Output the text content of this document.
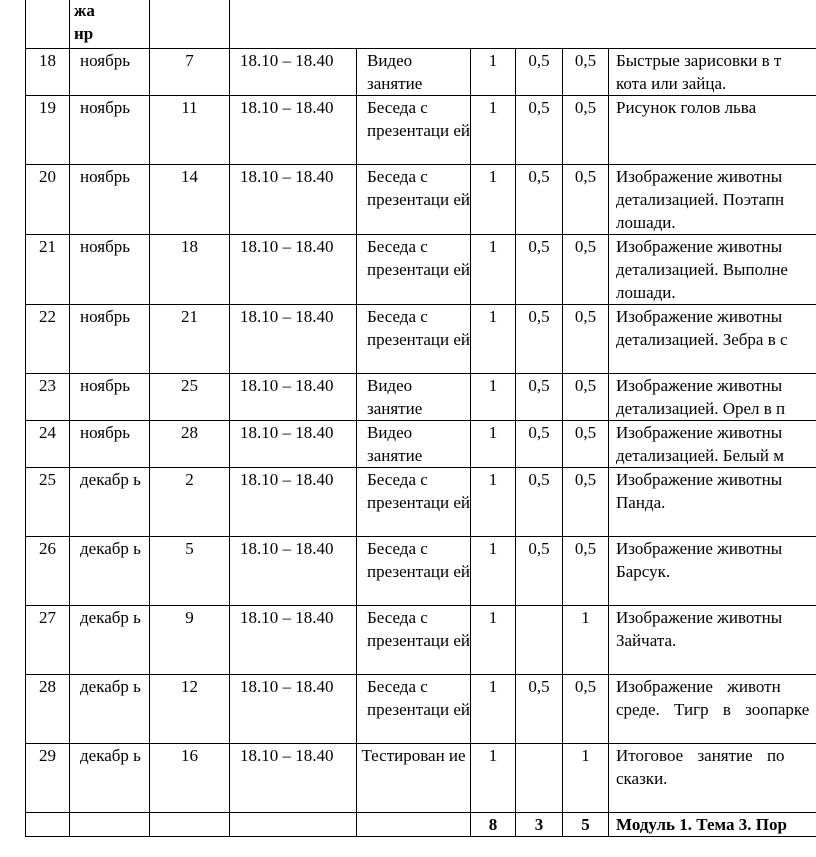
	жа
нр							
18	ноябрь	7	18.10 – 18.40	Видео занятие	1	0,5	0,5	Быстрые зарисовки в т
кота или зайца.
19	ноябрь	11	18.10 – 18.40	Беседа с презентаци ей	1	0,5	0,5	Рисунок голов льва
20	ноябрь	14	18.10 – 18.40	Беседа с презентаци ей	1	0,5	0,5	Изображение животны
детализацией. Поэтапн
лошади.
21	ноябрь	18	18.10 – 18.40	Беседа с презентаци ей	1	0,5	0,5	Изображение животны
детализацией. Выполне
лошади.
22	ноябрь	21	18.10 – 18.40	Беседа с презентаци ей	1	0,5	0,5	Изображение животны
детализацией. Зебра в с
23	ноябрь	25	18.10 – 18.40	Видео занятие	1	0,5	0,5	Изображение животны
детализацией. Орел в п
24	ноябрь	28	18.10 – 18.40	Видео занятие	1	0,5	0,5	Изображение животны
детализацией. Белый м
25	декабр ь	2	18.10 – 18.40	Беседа с презентаци ей	1	0,5	0,5	Изображение животны
Панда.
26	декабр ь	5	18.10 – 18.40	Беседа с презентаци ей	1	0,5	0,5	Изображение животны
Барсук.
27	декабр ь	9	18.10 – 18.40	Беседа с презентаци ей	1		1	Изображение животны
Зайчата.
28	декабр ь	12	18.10 – 18.40	Беседа с презентаци ей	1	0,5	0,5	Изображение животн
среде. Тигр в зоопарке
29	декабр ь	16	18.10 – 18.40	Тестирован ие	1		1	Итоговое занятие по
сказки.
					8	3	5	Модуль 1. Тема 3. Пор
